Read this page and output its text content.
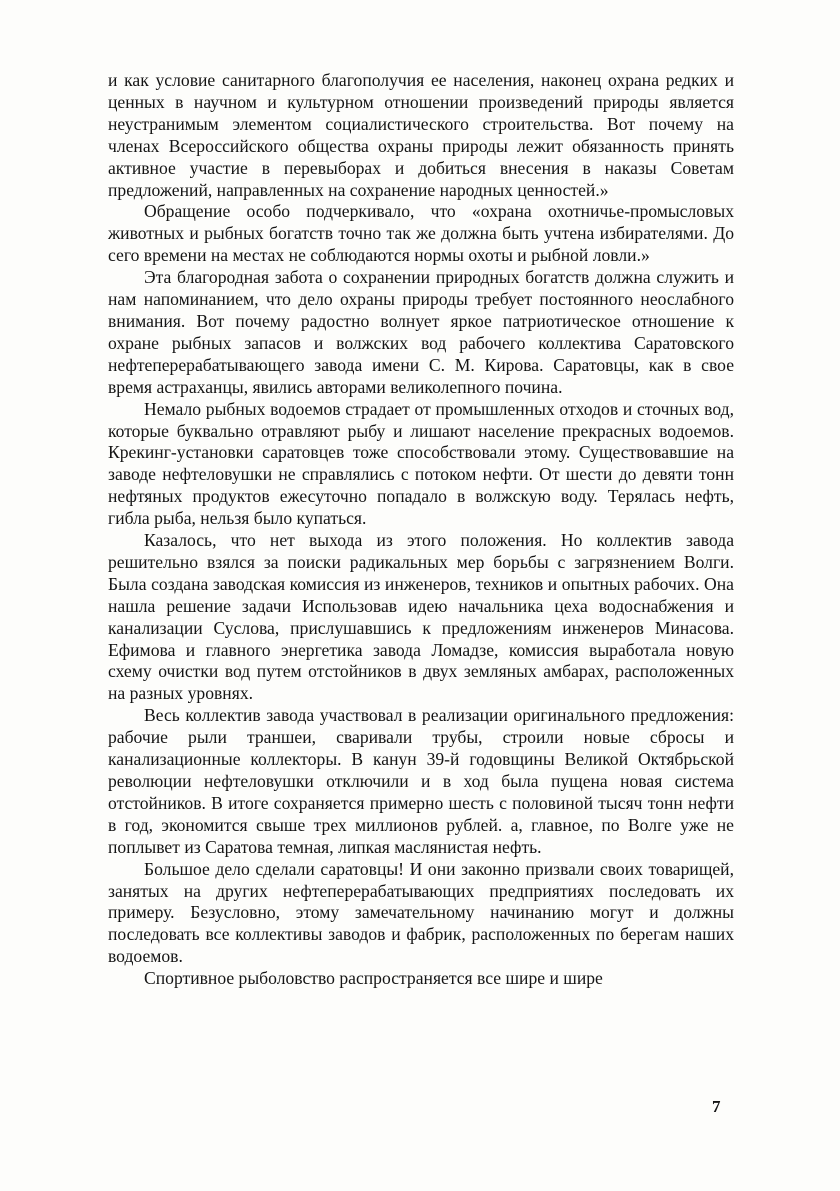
и как условие санитарного благополучия ее населения, наконец охрана редких и ценных в научном и культурном отношении произведений природы является неустранимым элементом социалистического строительства. Вот почему на членах Всероссийского общества охраны природы лежит обязанность принять активное участие в перевыборах и добиться внесения в наказы Советам предложений, направленных на сохранение народных ценностей.»

Обращение особо подчеркивало, что «охрана охотничье-промысловых животных и рыбных богатств точно так же должна быть учтена избирателями. До сего времени на местах не соблюдаются нормы охоты и рыбной ловли.»

Эта благородная забота о сохранении природных богатств должна служить и нам напоминанием, что дело охраны природы требует постоянного неослабного внимания. Вот почему радостно волнует яркое патриотическое отношение к охране рыбных запасов и волжских вод рабочего коллектива Саратовского нефтеперерабатывающего завода имени С. М. Кирова. Саратовцы, как в свое время астраханцы, явились авторами великолепного почина.

Немало рыбных водоемов страдает от промышленных отходов и сточных вод, которые буквально отравляют рыбу и лишают население прекрасных водоемов. Крекинг-установки саратовцев тоже способствовали этому. Существовавшие на заводе нефтеловушки не справлялись с потоком нефти. От шести до девяти тонн нефтяных продуктов ежесуточно попадало в волжскую воду. Терялась нефть, гибла рыба, нельзя было купаться.

Казалось, что нет выхода из этого положения. Но коллектив завода решительно взялся за поиски радикальных мер борьбы с загрязнением Волги. Была создана заводская комиссия из инженеров, техников и опытных рабочих. Она нашла решение задачи Использовав идею начальника цеха водоснабжения и канализации Суслова, прислушавшись к предложениям инженеров Минасова. Ефимова и главного энергетика завода Ломадзе, комиссия выработала новую схему очистки вод путем отстойников в двух земляных амбарах, расположенных на разных уровнях.

Весь коллектив завода участвовал в реализации оригинального предложения: рабочие рыли траншеи, сваривали трубы, строили новые сбросы и канализационные коллекторы. В канун 39-й годовщины Великой Октябрьской революции нефтеловушки отключили и в ход была пущена новая система отстойников. В итоге сохраняется примерно шесть с половиной тысяч тонн нефти в год, экономится свыше трех миллионов рублей. а, главное, по Волге уже не поплывет из Саратова темная, липкая маслянистая нефть.

Большое дело сделали саратовцы! И они законно призвали своих товарищей, занятых на других нефтеперерабатывающих предприятиях последовать их примеру. Безусловно, этому замечательному начинанию могут и должны последовать все коллективы заводов и фабрик, расположенных по берегам наших водоемов.

Спортивное рыболовство распространяется все шире и шире

7
